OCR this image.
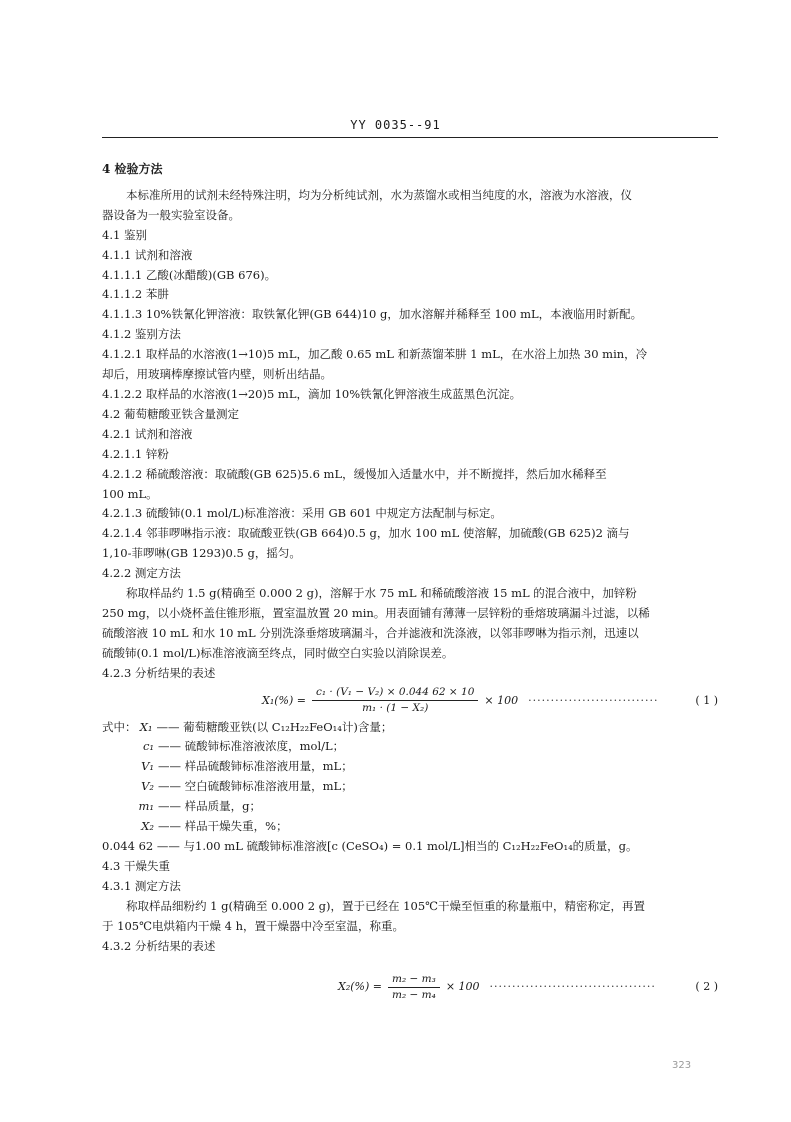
YY 0035--91

4 检验方法

本标准所用的试剂未经特殊注明，均为分析纯试剂，水为蒸馏水或相当纯度的水，溶液为水溶液，仪

器设备为一般实验室设备。

4.1 鉴别

4.1.1 试剂和溶液

4.1.1.1 乙酸(冰醋酸)(GB 676)。

4.1.1.2 苯肼

4.1.1.3 10%铁氰化钾溶液：取铁氰化钾(GB 644)10 g，加水溶解并稀释至 100 mL，本液临用时新配。

4.1.2 鉴别方法

4.1.2.1 取样品的水溶液(1→10)5 mL，加乙酸 0.65 mL 和新蒸馏苯肼 1 mL，在水浴上加热 30 min，冷

却后，用玻璃棒摩擦试管内壁，则析出结晶。

4.1.2.2 取样品的水溶液(1→20)5 mL，滴加 10%铁氰化钾溶液生成蓝黑色沉淀。

4.2 葡萄糖酸亚铁含量测定

4.2.1 试剂和溶液

4.2.1.1 锌粉

4.2.1.2 稀硫酸溶液：取硫酸(GB 625)5.6 mL，缓慢加入适量水中，并不断搅拌，然后加水稀释至

100 mL。

4.2.1.3 硫酸铈(0.1 mol/L)标准溶液：采用 GB 601 中规定方法配制与标定。

4.2.1.4 邻菲啰啉指示液：取硫酸亚铁(GB 664)0.5 g，加水 100 mL 使溶解，加硫酸(GB 625)2 滴与

1,10-菲啰啉(GB 1293)0.5 g，摇匀。

4.2.2 测定方法

称取样品约 1.5 g(精确至 0.000 2 g)，溶解于水 75 mL 和稀硫酸溶液 15 mL 的混合液中，加锌粉

250 mg，以小烧杯盖住锥形瓶，置室温放置 20 min。用表面铺有薄薄一层锌粉的垂熔玻璃漏斗过滤，以稀

硫酸溶液 10 mL 和水 10 mL 分别洗涤垂熔玻璃漏斗，合并滤液和洗涤液，以邻菲啰啉为指示剂，迅速以

硫酸铈(0.1 mol/L)标准溶液滴至终点，同时做空白实验以消除误差。

4.2.3 分析结果的表述

$X_1(\%) = \frac{\text{c₁ · (V₁ − V₂) × 0.044 62 × 10}}{\text{m₁ · (1 − X₂)}} \times 100$ ·····························	( 1 )

式中： X₁ —— 葡萄糖酸亚铁(以 C₁₂H₂₂FeO₁₄计)含量；

c₁ —— 硫酸铈标准溶液浓度，mol/L；

V₁ —— 样品硫酸铈标准溶液用量，mL；

V₂ —— 空白硫酸铈标准溶液用量，mL；

m₁ —— 样品质量，g；

X₂ —— 样品干燥失重，%；

0.044 62 —— 与1.00 mL 硫酸铈标准溶液[c (CeSO₄) = 0.1 mol/L]相当的 C₁₂H₂₂FeO₁₄的质量，g。

4.3 干燥失重

4.3.1 测定方法

称取样品细粉约 1 g(精确至 0.000 2 g)，置于已经在 105℃干燥至恒重的称量瓶中，精密称定，再置

于 105℃电烘箱内干燥 4 h，置干燥器中冷至室温，称重。

4.3.2 分析结果的表述

$X_2(\%) = \frac{\text{m₂ − m₃}}{\text{m₂ − m₄}} \times 100$ ·····································	( 2 )
323
